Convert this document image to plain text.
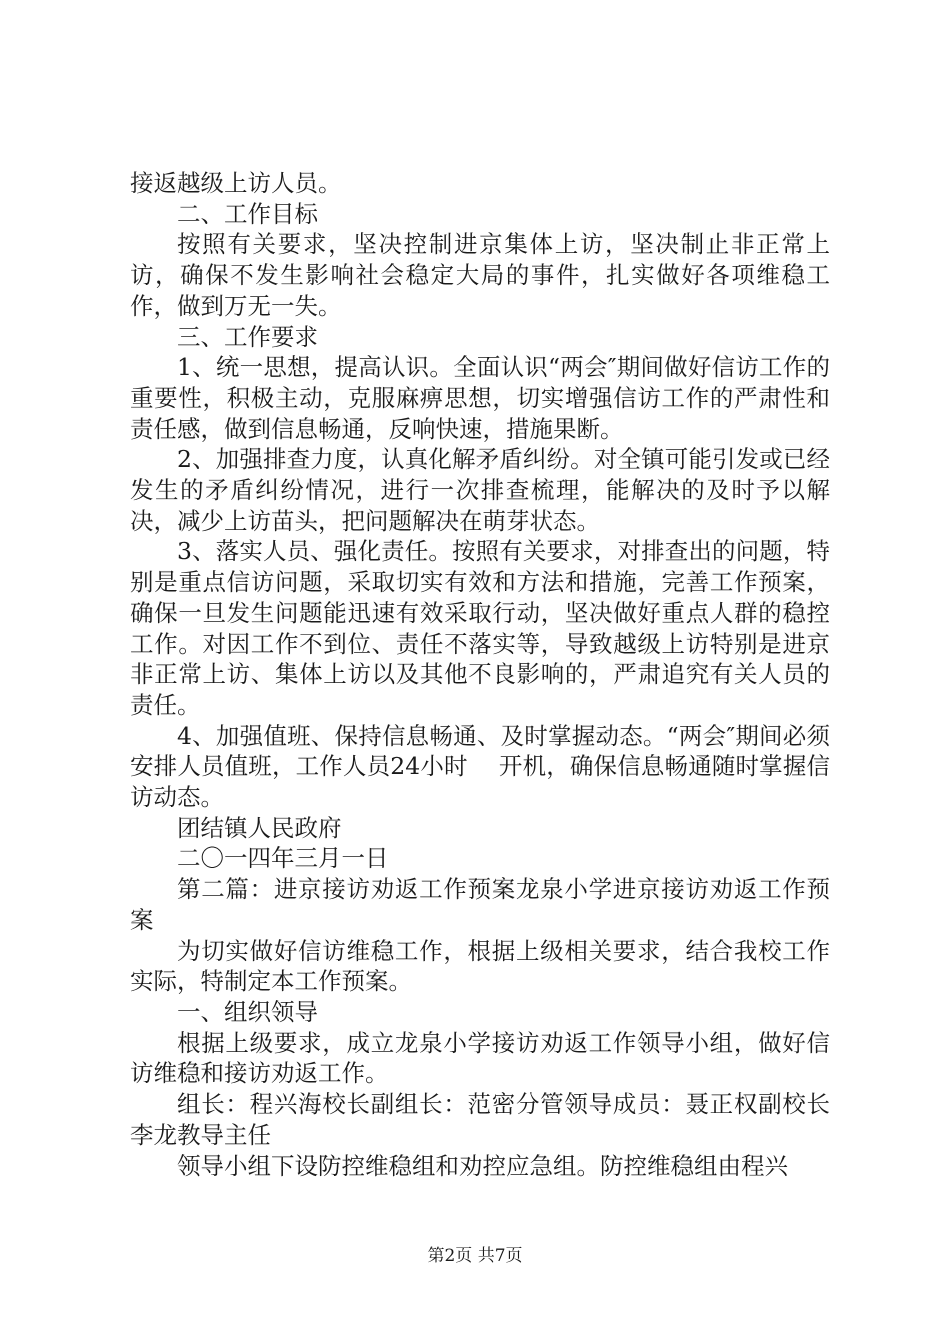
接返越级上访人员。

二、工作目标

按照有关要求，坚决控制进京集体上访，坚决制止非正常上访，确保不发生影响社会稳定大局的事件，扎实做好各项维稳工作，做到万无一失。

三、工作要求

1、统一思想，提高认识。全面认识“两会″期间做好信访工作的重要性，积极主动，克服麻痹思想，切实增强信访工作的严肃性和责任感，做到信息畅通，反响快速，措施果断。

2、加强排查力度，认真化解矛盾纠纷。对全镇可能引发或已经发生的矛盾纠纷情况，进行一次排查梳理，能解决的及时予以解决，减少上访苗头，把问题解决在萌芽状态。

3、落实人员、强化责任。按照有关要求，对排查出的问题，特别是重点信访问题，采取切实有效和方法和措施，完善工作预案，确保一旦发生问题能迅速有效采取行动，坚决做好重点人群的稳控工作。对因工作不到位、责任不落实等，导致越级上访特别是进京非正常上访、集体上访以及其他不良影响的，严肃追究有关人员的责任。

4、加强值班、保持信息畅通、及时掌握动态。“两会″期间必须安排人员值班，工作人员24小时　 开机，确保信息畅通随时掌握信访动态。

团结镇人民政府

二〇一四年三月一日

第二篇：进京接访劝返工作预案龙泉小学进京接访劝返工作预案

为切实做好信访维稳工作，根据上级相关要求，结合我校工作实际，特制定本工作预案。

一、组织领导

根据上级要求，成立龙泉小学接访劝返工作领导小组，做好信访维稳和接访劝返工作。

组长：程兴海校长副组长：范密分管领导成员：聂正权副校长李龙教导主任

领导小组下设防控维稳组和劝控应急组。防控维稳组由程兴

第2页 共7页
